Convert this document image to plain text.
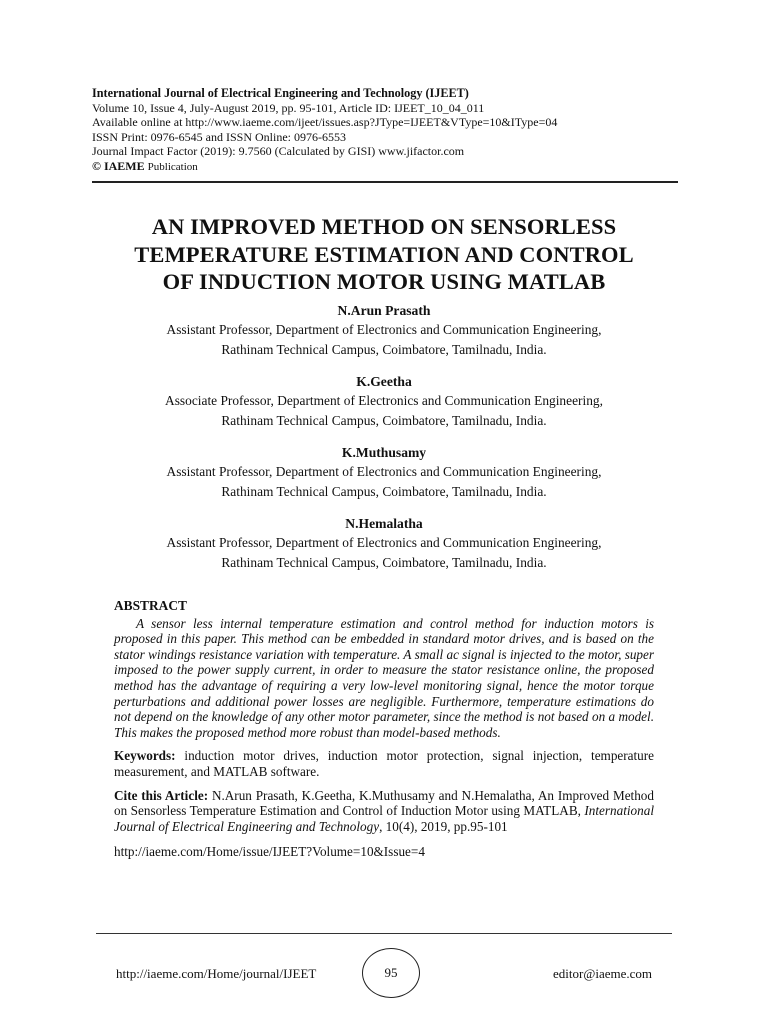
International Journal of Electrical Engineering and Technology (IJEET)
Volume 10, Issue 4, July-August 2019, pp. 95-101, Article ID: IJEET_10_04_011
Available online at http://www.iaeme.com/ijeet/issues.asp?JType=IJEET&VType=10&IType=04
ISSN Print: 0976-6545 and ISSN Online: 0976-6553
Journal Impact Factor (2019): 9.7560 (Calculated by GISI) www.jifactor.com
© IAEME Publication
AN IMPROVED METHOD ON SENSORLESS
TEMPERATURE ESTIMATION AND CONTROL
OF INDUCTION MOTOR USING MATLAB
N.Arun Prasath
Assistant Professor, Department of Electronics and Communication Engineering,
Rathinam Technical Campus, Coimbatore, Tamilnadu, India.
K.Geetha
Associate Professor, Department of Electronics and Communication Engineering,
Rathinam Technical Campus, Coimbatore, Tamilnadu, India.
K.Muthusamy
Assistant Professor, Department of Electronics and Communication Engineering,
Rathinam Technical Campus, Coimbatore, Tamilnadu, India.
N.Hemalatha
Assistant Professor, Department of Electronics and Communication Engineering,
Rathinam Technical Campus, Coimbatore, Tamilnadu, India.
ABSTRACT
A sensor less internal temperature estimation and control method for induction motors is proposed in this paper. This method can be embedded in standard motor drives, and is based on the stator windings resistance variation with temperature. A small ac signal is injected to the motor, super imposed to the power supply current, in order to measure the stator resistance online, the proposed method has the advantage of requiring a very low-level monitoring signal, hence the motor torque perturbations and additional power losses are negligible. Furthermore, temperature estimations do not depend on the knowledge of any other motor parameter, since the method is not based on a model. This makes the proposed method more robust than model-based methods.
Keywords: induction motor drives, induction motor protection, signal injection, temperature measurement, and MATLAB software.
Cite this Article: N.Arun Prasath, K.Geetha, K.Muthusamy and N.Hemalatha, An Improved Method on Sensorless Temperature Estimation and Control of Induction Motor using MATLAB, International Journal of Electrical Engineering and Technology, 10(4), 2019, pp.95-101
http://iaeme.com/Home/issue/IJEET?Volume=10&Issue=4
http://iaeme.com/Home/journal/IJEET	95	editor@iaeme.com
